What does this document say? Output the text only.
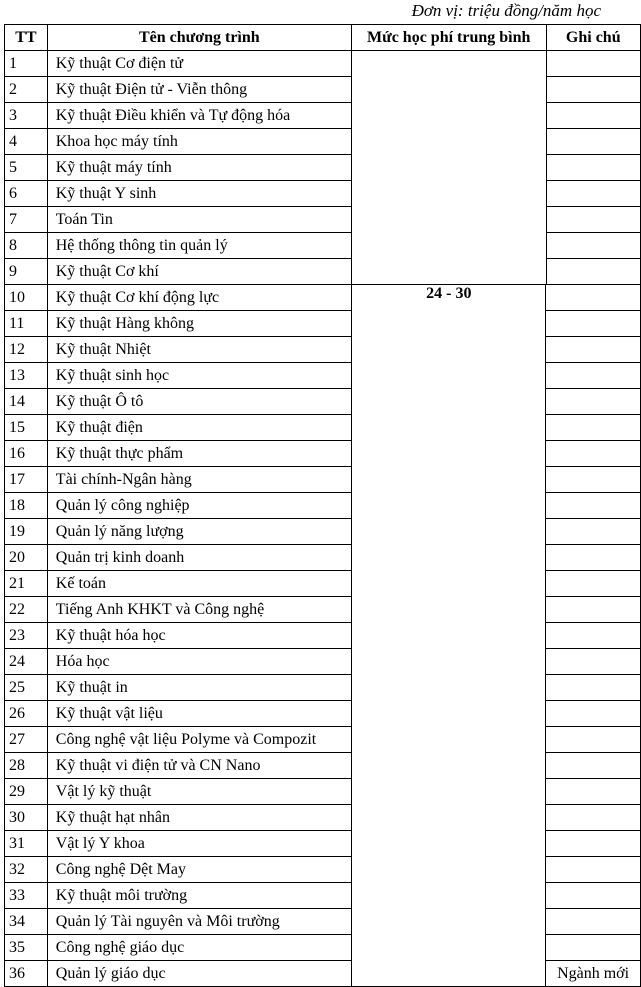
Đơn vị: triệu đồng/năm học
TT	Tên chương trình	Mức học phí trung bình	Ghi chú
1	Kỹ thuật Cơ điện tử		
2	Kỹ thuật Điện tử - Viễn thông		
3	Kỹ thuật Điều khiển và Tự động hóa		
4	Khoa học máy tính		
5	Kỹ thuật máy tính		
6	Kỹ thuật Y sinh		
7	Toán Tin		
8	Hệ thống thông tin quản lý		
9	Kỹ thuật Cơ khí		
10	Kỹ thuật Cơ khí động lực	24 - 30	
11	Kỹ thuật Hàng không		
12	Kỹ thuật Nhiệt		
13	Kỹ thuật sinh học		
14	Kỹ thuật Ô tô		
15	Kỹ thuật điện		
16	Kỹ thuật thực phẩm		
17	Tài chính-Ngân hàng		
18	Quản lý công nghiệp		
19	Quản lý năng lượng		
20	Quản trị kinh doanh		
21	Kế toán		
22	Tiếng Anh KHKT và Công nghệ		
23	Kỹ thuật hóa học		
24	Hóa học		
25	Kỹ thuật in		
26	Kỹ thuật vật liệu		
27	Công nghệ vật liệu Polyme và Compozit		
28	Kỹ thuật vi điện tử và CN Nano		
29	Vật lý kỹ thuật		
30	Kỹ thuật hạt nhân		
31	Vật lý Y khoa		
32	Công nghệ Dệt May		
33	Kỹ thuật môi trường		
34	Quản lý Tài nguyên và Môi trường		
35	Công nghệ giáo dục		
36	Quản lý giáo dục		Ngành mới
